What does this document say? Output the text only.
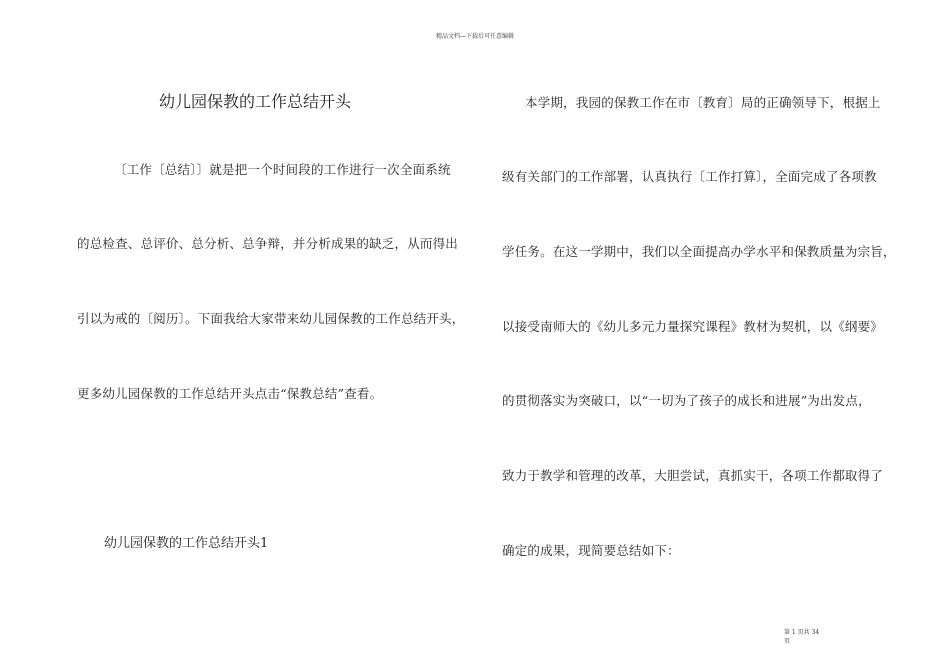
精品文档—下载后可任意编辑
幼儿园保教的工作总结开头
〔工作〔总结〕〕就是把一个时间段的工作进行一次全面系统
的总检查、总评价、总分析、总争辩，并分析成果的缺乏，从而得出
引以为戒的〔阅历〕。下面我给大家带来幼儿园保教的工作总结开头，
更多幼儿园保教的工作总结开头点击“保教总结”查看。
幼儿园保教的工作总结开头1
本学期，我园的保教工作在市〔教育〕局的正确领导下，根据上
级有关部门的工作部署，认真执行〔工作打算〕，全面完成了各项教
学任务。在这一学期中，我们以全面提高办学水平和保教质量为宗旨，
以接受南师大的《幼儿多元力量探究课程》教材为契机，以《纲要》
的贯彻落实为突破口，以“一切为了孩子的成长和进展”为出发点，
致力于教学和管理的改革，大胆尝试，真抓实干，各项工作都取得了
确定的成果，现简要总结如下：
第 1 页共 34
页
